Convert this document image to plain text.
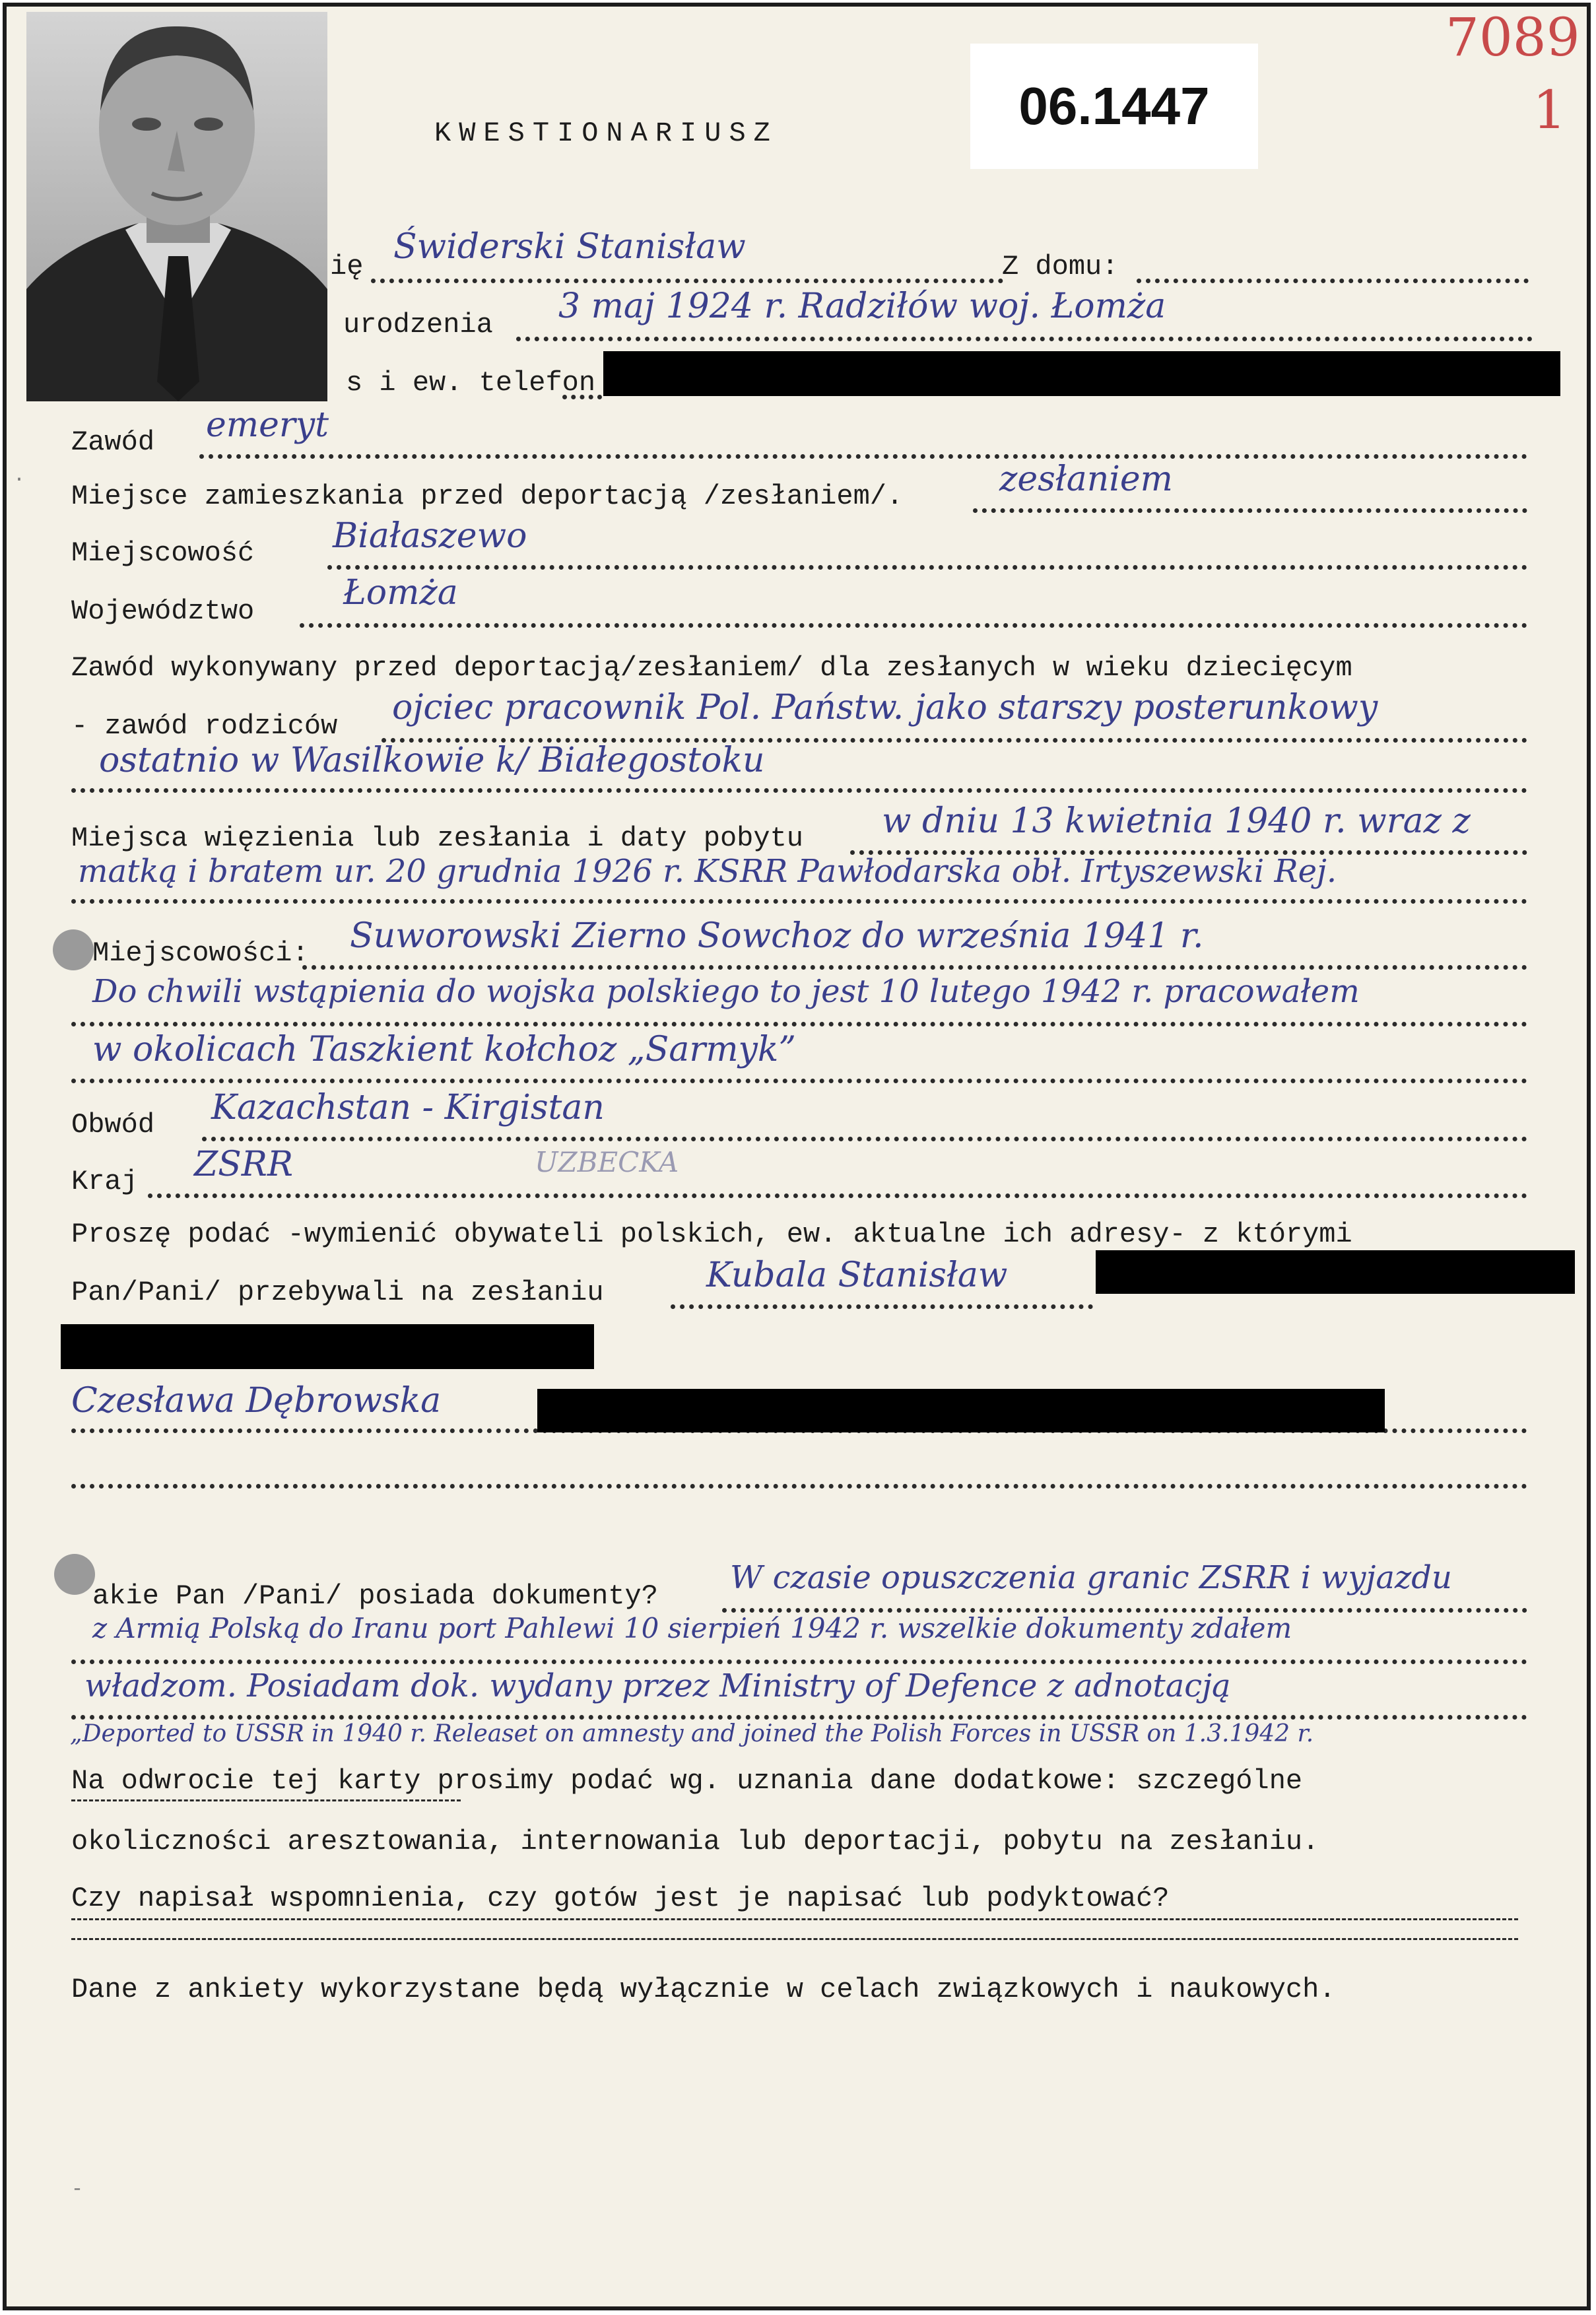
KWESTIONARIUSZ	06.1447
7089
1
ię Świderski Stanisław	Z domu:
urodzenia 3 maj 1924 r. Radziłów woj. Łomża
s i ew. telefon
Zawód emeryt
Miejsce zamieszkania przed deportacją /zesłaniem/.	zesłaniem
Miejscowość Białaszewo
Województwo	Łomża
Zawód wykonywany przed deportacją/zesłaniem/ dla zesłanych w wieku dziecięcym
- zawód rodziców ojciec pracownik Pol. Państw. jako starszy posterunkowy
ostatnio w Wasilkowie k/ Białegostoku
Miejsca więzienia lub zesłania i daty pobytu w dniu 13 kwietnia 1940 r. wraz z
matką i bratem ur. 20 grudnia 1926 r. KSRR Pawłodarska obł. Irtyszewski Rej.
Miejscowości: Suworowski Zierno Sowchoz do września 1941 r.
Do chwili wstąpienia do wojska polskiego to jest 10 lutego 1942 r. pracowałem
w okolicach Taszkient kołchoz „Sarmyk”
Obwód Kazachstan - Kirgistan
Kraj ZSRR	UZBECKA
Proszę podać -wymienić obywateli polskich, ew. aktualne ich adresy- z którymi
Pan/Pani/ przebywali na zesłaniu	Kubala Stanisław
Czesława Dębrowska
akie Pan /Pani/ posiada dokumenty? W czasie opuszczenia granic ZSRR i wyjazdu
z Armią Polską do Iranu port Pahlewi 10 sierpień 1942 r. wszelkie dokumenty zdałem
władzom. Posiadam dok. wydany przez Ministry of Defence z adnotacją
„Deported to USSR in 1940 r. Releaset on amnesty and joined the Polish Forces in USSR on 1.3.1942 r.
Na odwrocie tej karty prosimy podać wg. uznania dane dodatkowe: szczególne
okoliczności aresztowania, internowania lub deportacji, pobytu na zesłaniu.
Czy napisał wspomnienia, czy gotów jest je napisać lub podyktować?
Dane z ankiety wykorzystane będą wyłącznie w celach związkowych i naukowych.
-
·
